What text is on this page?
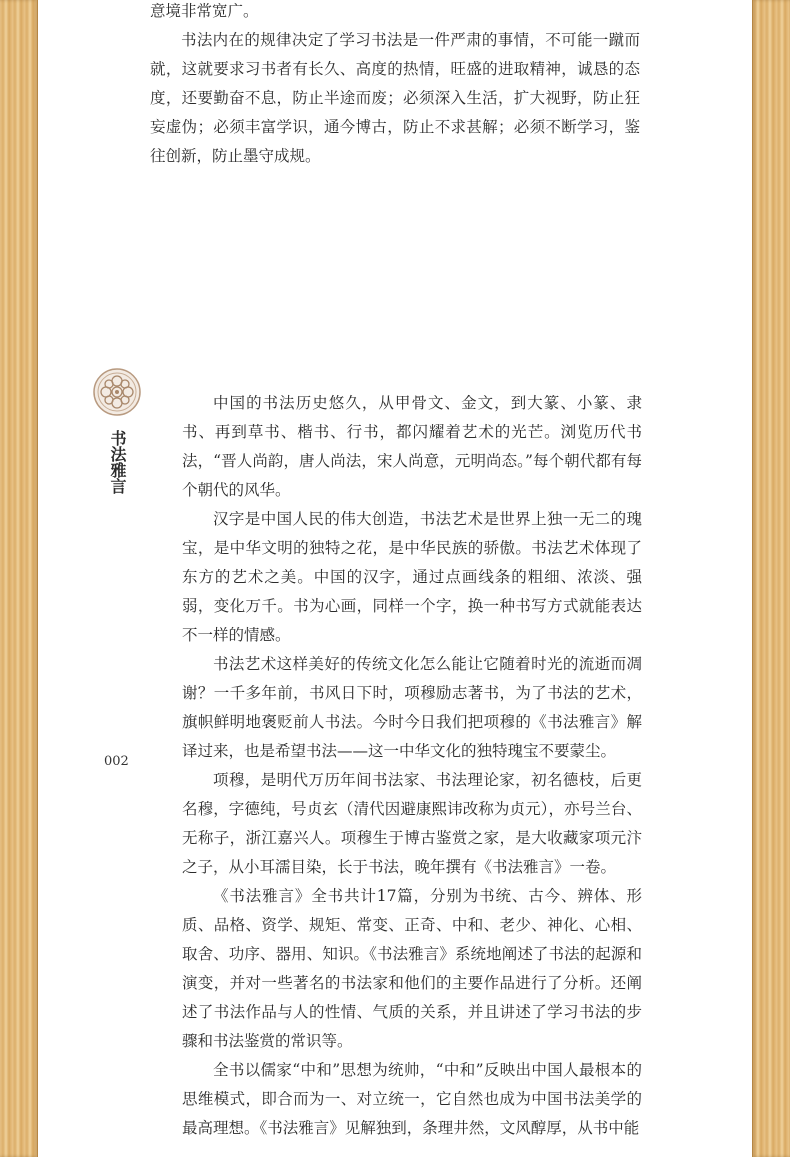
意境非常宽广。

书法内在的规律决定了学习书法是一件严肃的事情，不可能一蹴而就，这就要求习书者有长久、高度的热情，旺盛的进取精神，诚恳的态度，还要勤奋不息，防止半途而废；必须深入生活，扩大视野，防止狂妄虚伪；必须丰富学识，通今博古，防止不求甚解；必须不断学习，鉴往创新，防止墨守成规。

书法雅言
002

中国的书法历史悠久，从甲骨文、金文，到大篆、小篆、隶书、再到草书、楷书、行书，都闪耀着艺术的光芒。浏览历代书法，“晋人尚韵，唐人尚法，宋人尚意，元明尚态。”每个朝代都有每个朝代的风华。

汉字是中国人民的伟大创造，书法艺术是世界上独一无二的瑰宝，是中华文明的独特之花，是中华民族的骄傲。书法艺术体现了东方的艺术之美。中国的汉字，通过点画线条的粗细、浓淡、强弱，变化万千。书为心画，同样一个字，换一种书写方式就能表达不一样的情感。

书法艺术这样美好的传统文化怎么能让它随着时光的流逝而凋谢？一千多年前，书风日下时，项穆励志著书，为了书法的艺术，旗帜鲜明地褒贬前人书法。今时今日我们把项穆的《书法雅言》解译过来，也是希望书法——这一中华文化的独特瑰宝不要蒙尘。

项穆，是明代万历年间书法家、书法理论家，初名德枝，后更名穆，字德纯，号贞玄（清代因避康熙讳改称为贞元），亦号兰台、无称子，浙江嘉兴人。项穆生于博古鉴赏之家，是大收藏家项元汴之子，从小耳濡目染，长于书法，晚年撰有《书法雅言》一卷。

《书法雅言》全书共计17篇，分别为书统、古今、辨体、形质、品格、资学、规矩、常变、正奇、中和、老少、神化、心相、取舍、功序、器用、知识。《书法雅言》系统地阐述了书法的起源和演变，并对一些著名的书法家和他们的主要作品进行了分析。还阐述了书法作品与人的性情、气质的关系，并且讲述了学习书法的步骤和书法鉴赏的常识等。

全书以儒家“中和”思想为统帅，“中和”反映出中国人最根本的思维模式，即合而为一、对立统一，它自然也成为中国书法美学的最高理想。《书法雅言》见解独到，条理井然，文风醇厚，从书中能
